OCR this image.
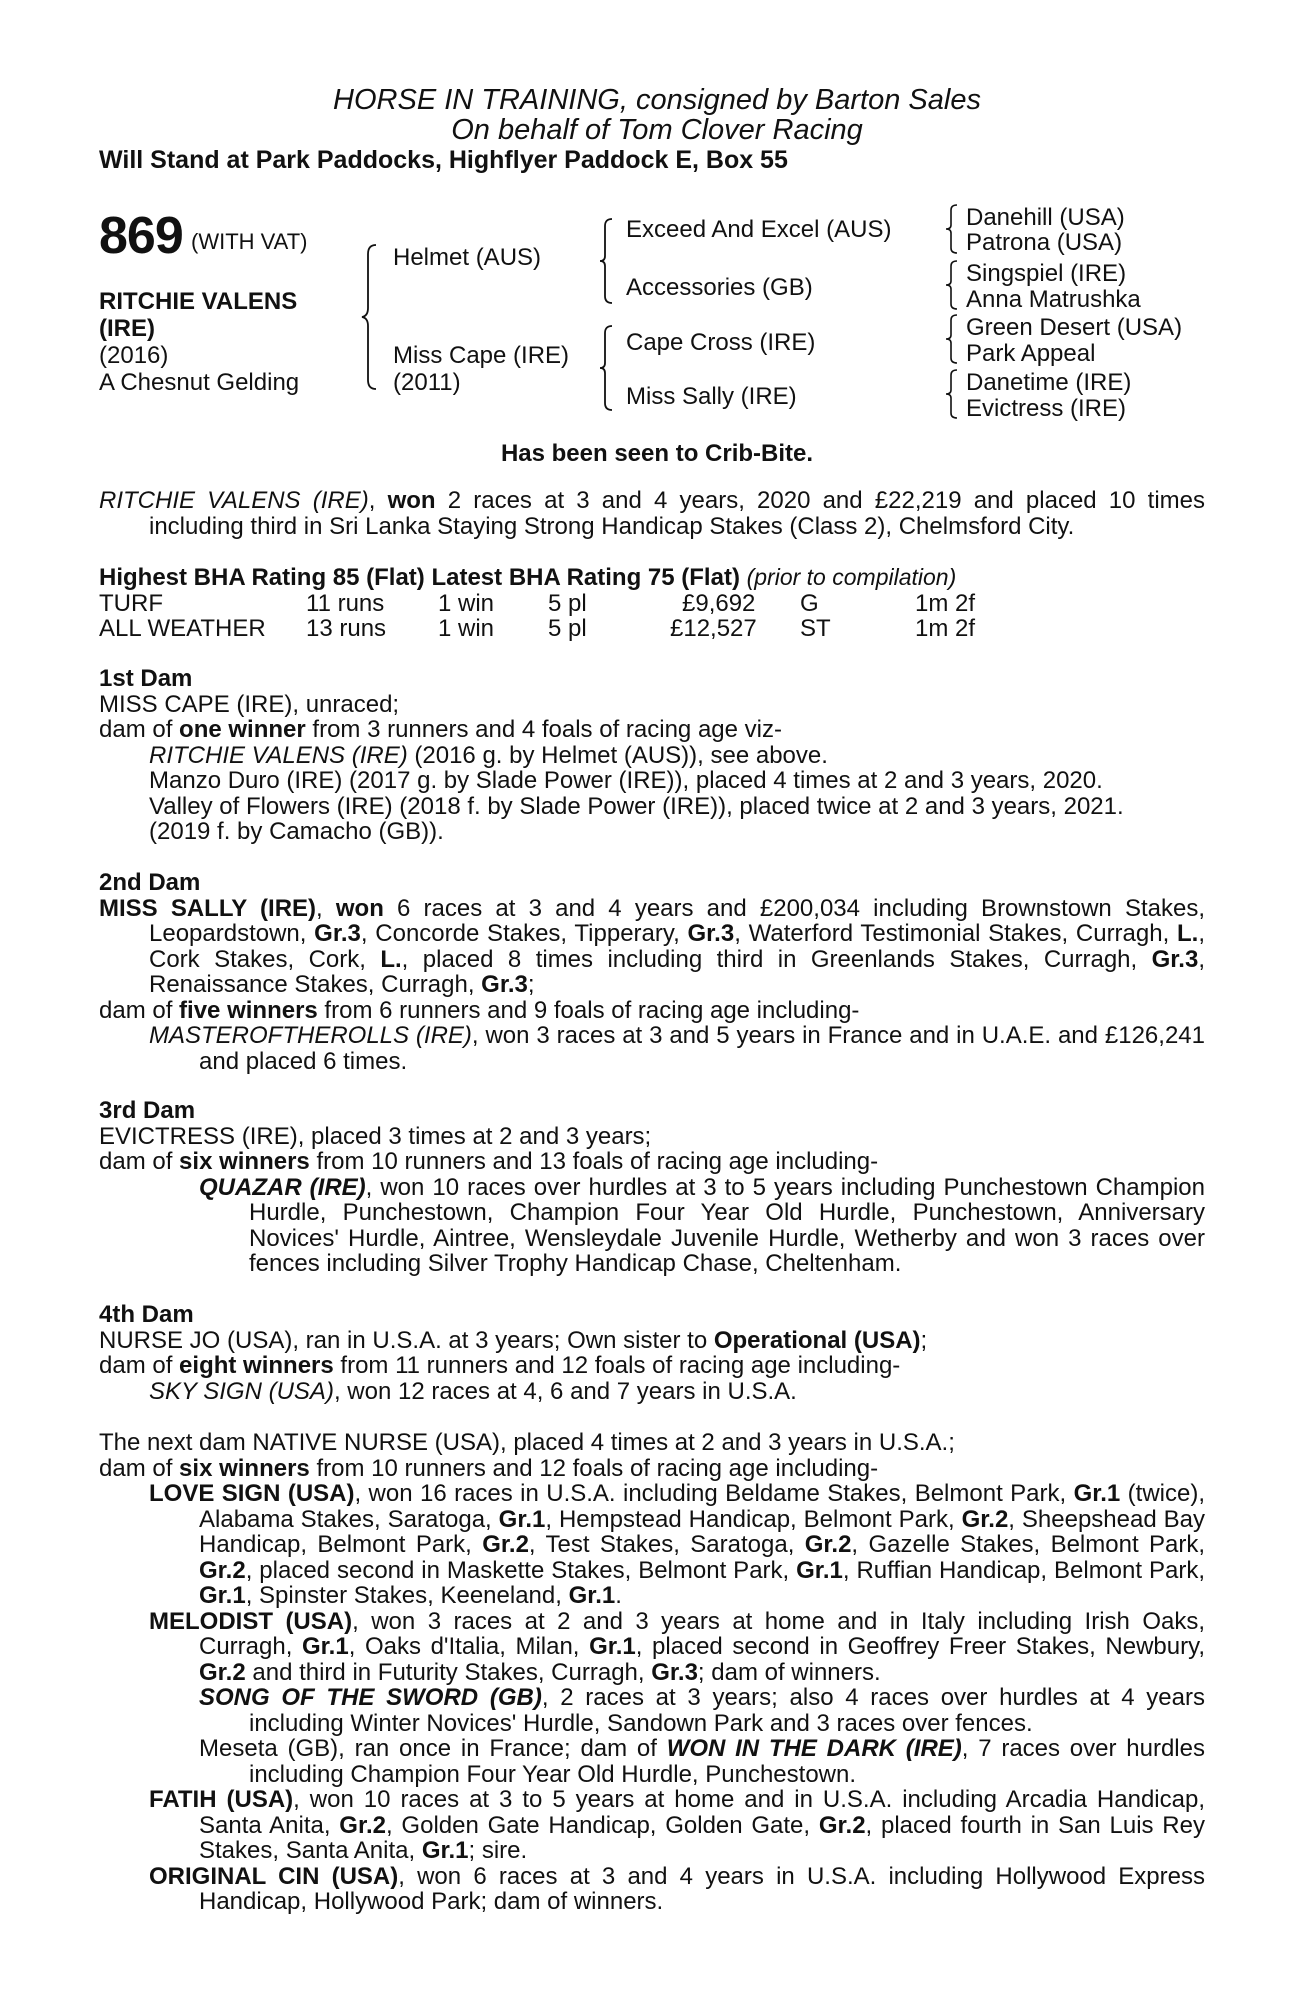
HORSE IN TRAINING, consigned by Barton Sales
On behalf of Tom Clover Racing
Will Stand at Park Paddocks, Highflyer Paddock E, Box 55
869 (WITH VAT)
RITCHIE VALENS
(IRE)
(2016)
A Chesnut Gelding
Helmet (AUS)
Miss Cape (IRE)
(2011)
Exceed And Excel (AUS)
Accessories (GB)
Cape Cross (IRE)
Miss Sally (IRE)
Danehill (USA)
Patrona (USA)
Singspiel (IRE)
Anna Matrushka
Green Desert (USA)
Park Appeal
Danetime (IRE)
Evictress (IRE)
Has been seen to Crib-Bite.

RITCHIE VALENS (IRE), won 2 races at 3 and 4 years, 2020 and £22,219 and placed 10 times including third in Sri Lanka Staying Strong Handicap Stakes (Class 2), Chelmsford City.

Highest BHA Rating 85 (Flat) Latest BHA Rating 75 (Flat) (prior to compilation)
TURF	11 runs 1 win 5 pl	£9,692 G	1m 2f
ALL WEATHER 13 runs 1 win 5 pl	£12,527 ST	1m 2f

1st Dam

MISS CAPE (IRE), unraced;

dam of one winner from 3 runners and 4 foals of racing age viz-

RITCHIE VALENS (IRE) (2016 g. by Helmet (AUS)), see above.

Manzo Duro (IRE) (2017 g. by Slade Power (IRE)), placed 4 times at 2 and 3 years, 2020.

Valley of Flowers (IRE) (2018 f. by Slade Power (IRE)), placed twice at 2 and 3 years, 2021.

(2019 f. by Camacho (GB)).

2nd Dam

MISS SALLY (IRE), won 6 races at 3 and 4 years and £200,034 including Brownstown Stakes, Leopardstown, Gr.3, Concorde Stakes, Tipperary, Gr.3, Waterford Testimonial Stakes, Curragh, L., Cork Stakes, Cork, L., placed 8 times including third in Greenlands Stakes, Curragh, Gr.3, Renaissance Stakes, Curragh, Gr.3;

dam of five winners from 6 runners and 9 foals of racing age including-

MASTEROFTHEROLLS (IRE), won 3 races at 3 and 5 years in France and in U.A.E. and £126,241 and placed 6 times.

3rd Dam

EVICTRESS (IRE), placed 3 times at 2 and 3 years;

dam of six winners from 10 runners and 13 foals of racing age including-

QUAZAR (IRE), won 10 races over hurdles at 3 to 5 years including Punchestown Champion Hurdle, Punchestown, Champion Four Year Old Hurdle, Punchestown, Anniversary Novices' Hurdle, Aintree, Wensleydale Juvenile Hurdle, Wetherby and won 3 races over fences including Silver Trophy Handicap Chase, Cheltenham.

4th Dam

NURSE JO (USA), ran in U.S.A. at 3 years; Own sister to Operational (USA);

dam of eight winners from 11 runners and 12 foals of racing age including-

SKY SIGN (USA), won 12 races at 4, 6 and 7 years in U.S.A.

The next dam NATIVE NURSE (USA), placed 4 times at 2 and 3 years in U.S.A.;

dam of six winners from 10 runners and 12 foals of racing age including-

LOVE SIGN (USA), won 16 races in U.S.A. including Beldame Stakes, Belmont Park, Gr.1 (twice), Alabama Stakes, Saratoga, Gr.1, Hempstead Handicap, Belmont Park, Gr.2, Sheepshead Bay Handicap, Belmont Park, Gr.2, Test Stakes, Saratoga, Gr.2, Gazelle Stakes, Belmont Park, Gr.2, placed second in Maskette Stakes, Belmont Park, Gr.1, Ruffian Handicap, Belmont Park, Gr.1, Spinster Stakes, Keeneland, Gr.1.

MELODIST (USA), won 3 races at 2 and 3 years at home and in Italy including Irish Oaks, Curragh, Gr.1, Oaks d'Italia, Milan, Gr.1, placed second in Geoffrey Freer Stakes, Newbury, Gr.2 and third in Futurity Stakes, Curragh, Gr.3; dam of winners.

SONG OF THE SWORD (GB), 2 races at 3 years; also 4 races over hurdles at 4 years including Winter Novices' Hurdle, Sandown Park and 3 races over fences.

Meseta (GB), ran once in France; dam of WON IN THE DARK (IRE), 7 races over hurdles including Champion Four Year Old Hurdle, Punchestown.

FATIH (USA), won 10 races at 3 to 5 years at home and in U.S.A. including Arcadia Handicap, Santa Anita, Gr.2, Golden Gate Handicap, Golden Gate, Gr.2, placed fourth in San Luis Rey Stakes, Santa Anita, Gr.1; sire.

ORIGINAL CIN (USA), won 6 races at 3 and 4 years in U.S.A. including Hollywood Express Handicap, Hollywood Park; dam of winners.
